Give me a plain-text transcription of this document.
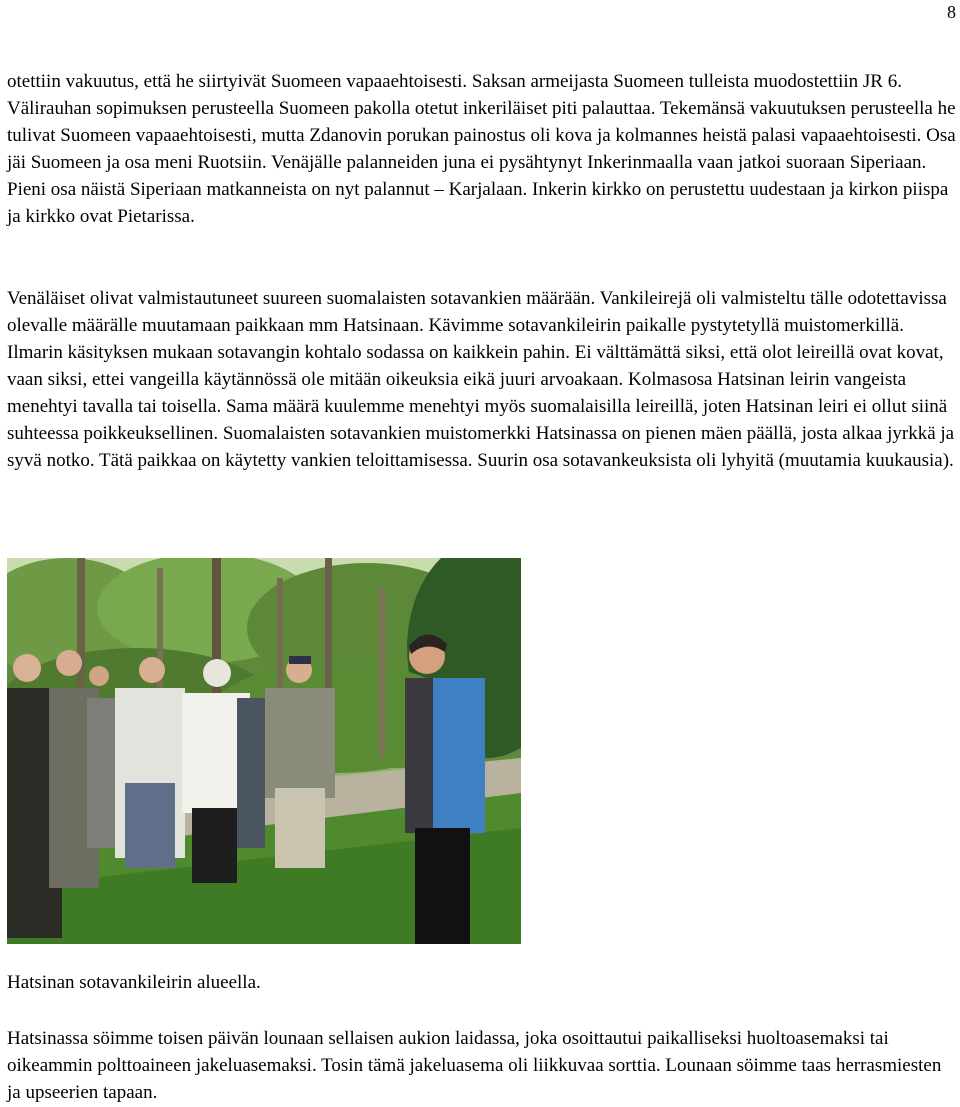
8

otettiin vakuutus, että he siirtyivät Suomeen vapaaehtoisesti. Saksan armeijasta Suomeen tulleista muodostettiin JR 6. Välirauhan sopimuksen perusteella Suomeen pakolla otetut inkeriläiset piti palauttaa. Tekemänsä vakuutuksen perusteella he tulivat Suomeen vapaaehtoisesti, mutta Zdanovin porukan painostus oli kova ja kolmannes heistä palasi vapaaehtoisesti. Osa jäi Suomeen ja osa meni Ruotsiin. Venäjälle palanneiden juna ei pysähtynyt Inkerinmaalla vaan jatkoi suoraan Siperiaan. Pieni osa näistä Siperiaan matkanneista on nyt palannut – Karjalaan. Inkerin kirkko on perustettu uudestaan ja kirkon piispa ja kirkko ovat Pietarissa.

Venäläiset olivat valmistautuneet suureen suomalaisten sotavankien määrään. Vankileirejä oli valmisteltu tälle odotettavissa olevalle määrälle muutamaan paikkaan mm Hatsinaan. Kävimme sotavankileirin paikalle pystytetyllä muistomerkillä. Ilmarin käsityksen mukaan sotavangin kohtalo sodassa on kaikkein pahin. Ei välttämättä siksi, että olot leireillä ovat kovat, vaan siksi, ettei vangeilla käytännössä ole mitään oikeuksia eikä juuri arvoakaan. Kolmasosa Hatsinan leirin vangeista menehtyi tavalla tai toisella. Sama määrä kuulemme menehtyi myös suomalaisilla leireillä, joten Hatsinan leiri ei ollut siinä suhteessa poikkeuksellinen. Suomalaisten sotavankien muistomerkki Hatsinassa on pienen mäen päällä, josta alkaa jyrkkä ja syvä notko. Tätä paikkaa on käytetty vankien teloittamisessa. Suurin osa sotavankeuksista oli lyhyitä (muutamia kuukausia).

Hatsinan sotavankileirin alueella.

Hatsinassa söimme toisen päivän lounaan sellaisen aukion laidassa, joka osoittautui paikalliseksi huoltoasemaksi tai oikeammin polttoaineen jakeluasemaksi. Tosin tämä jakeluasema oli liikkuvaa sorttia. Lounaan söimme taas herrasmiesten ja upseerien tapaan.
